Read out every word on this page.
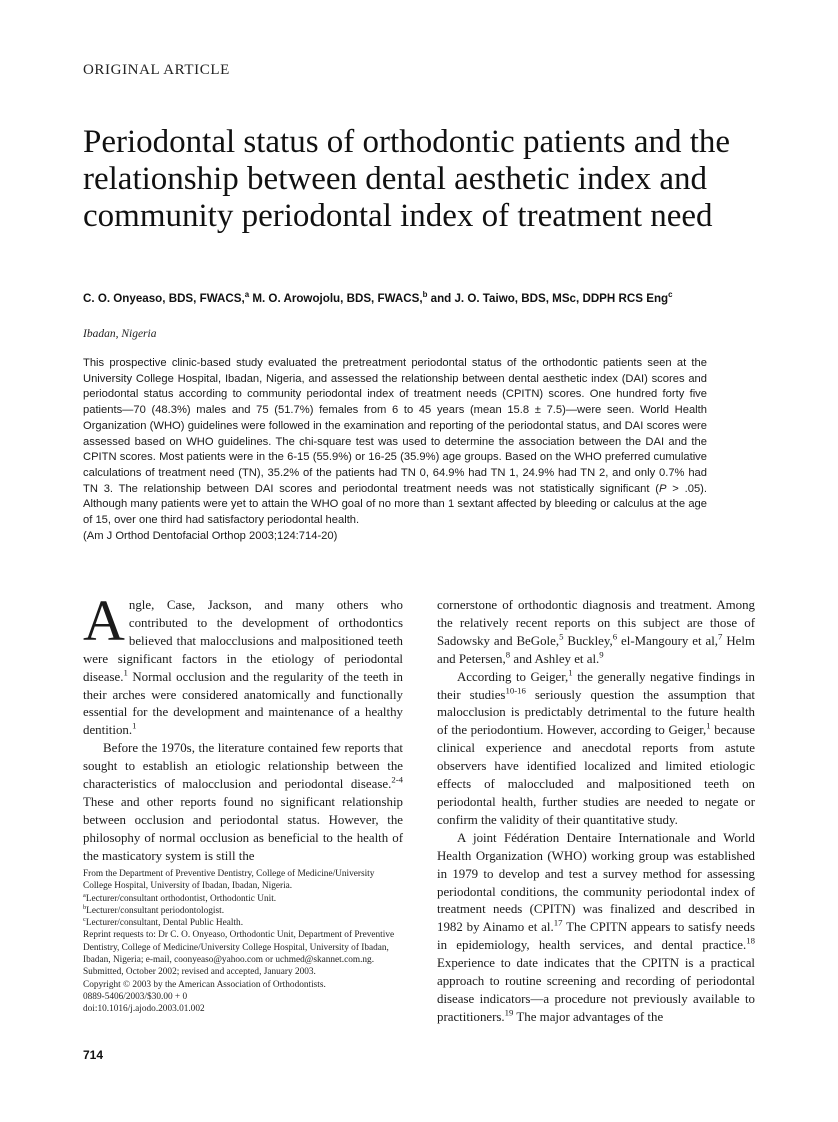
ORIGINAL ARTICLE
Periodontal status of orthodontic patients and the relationship between dental aesthetic index and community periodontal index of treatment need
C. O. Onyeaso, BDS, FWACS,$^a$ M. O. Arowojolu, BDS, FWACS,$^b$ and J. O. Taiwo, BDS, MSc, DDPH RCS Eng$^c$
Ibadan, Nigeria

This prospective clinic-based study evaluated the pretreatment periodontal status of the orthodontic patients seen at the University College Hospital, Ibadan, Nigeria, and assessed the relationship between dental aesthetic index (DAI) scores and periodontal status according to community periodontal index of treatment needs (CPITN) scores. One hundred forty five patients—70 (48.3%) males and 75 (51.7%) females from 6 to 45 years (mean 15.8 ± 7.5)—were seen. World Health Organization (WHO) guidelines were followed in the examination and reporting of the periodontal status, and DAI scores were assessed based on WHO guidelines. The chi-square test was used to determine the association between the DAI and the CPITN scores. Most patients were in the 6-15 (55.9%) or 16-25 (35.9%) age groups. Based on the WHO preferred cumulative calculations of treatment need (TN), 35.2% of the patients had TN 0, 64.9% had TN 1, 24.9% had TN 2, and only 0.7% had TN 3. The relationship between DAI scores and periodontal treatment needs was not statistically significant (P > .05). Although many patients were yet to attain the WHO goal of no more than 1 sextant affected by bleeding or calculus at the age of 15, over one third had satisfactory periodontal health.
(Am J Orthod Dentofacial Orthop 2003;124:714-20)

Angle, Case, Jackson, and many others who contributed to the development of orthodontics believed that malocclusions and malpositioned teeth were significant factors in the etiology of periodontal disease.$^1$ Normal occlusion and the regularity of the teeth in their arches were considered anatomically and functionally essential for the development and maintenance of a healthy dentition.$^1$

Before the 1970s, the literature contained few reports that sought to establish an etiologic relationship between the characteristics of malocclusion and periodontal disease.$^{2-4}$ These and other reports found no significant relationship between occlusion and periodontal status. However, the philosophy of normal occlusion as beneficial to the health of the masticatory system is still the

cornerstone of orthodontic diagnosis and treatment. Among the relatively recent reports on this subject are those of Sadowsky and BeGole,$^5$ Buckley,$^6$ el-Mangoury et al,$^7$ Helm and Petersen,$^8$ and Ashley et al.$^9$

According to Geiger,$^1$ the generally negative findings in their studies$^{10-16}$ seriously question the assumption that malocclusion is predictably detrimental to the future health of the periodontium. However, according to Geiger,$^1$ because clinical experience and anecdotal reports from astute observers have identified localized and limited etiologic effects of maloccluded and malpositioned teeth on periodontal health, further studies are needed to negate or confirm the validity of their quantitative study.

A joint Fédération Dentaire Internationale and World Health Organization (WHO) working group was established in 1979 to develop and test a survey method for assessing periodontal conditions, the community periodontal index of treatment needs (CPITN) was finalized and described in 1982 by Ainamo et al.$^{17}$ The CPITN appears to satisfy needs in epidemiology, health services, and dental practice.$^{18}$ Experience to date indicates that the CPITN is a practical approach to routine screening and recording of periodontal disease indicators—a procedure not previously available to practitioners.$^{19}$ The major advantages of the

From the Department of Preventive Dentistry, College of Medicine/University College Hospital, University of Ibadan, Ibadan, Nigeria.
$^a$Lecturer/consultant orthodontist, Orthodontic Unit.
$^b$Lecturer/consultant periodontologist.
$^c$Lecturer/consultant, Dental Public Health.
Reprint requests to: Dr C. O. Onyeaso, Orthodontic Unit, Department of Preventive Dentistry, College of Medicine/University College Hospital, University of Ibadan, Ibadan, Nigeria; e-mail, coonyeaso@yahoo.com or uchmed@skannet.com.ng.
Submitted, October 2002; revised and accepted, January 2003.
Copyright © 2003 by the American Association of Orthodontists.
0889-5406/2003/$30.00 + 0
doi:10.1016/j.ajodo.2003.01.002
714
